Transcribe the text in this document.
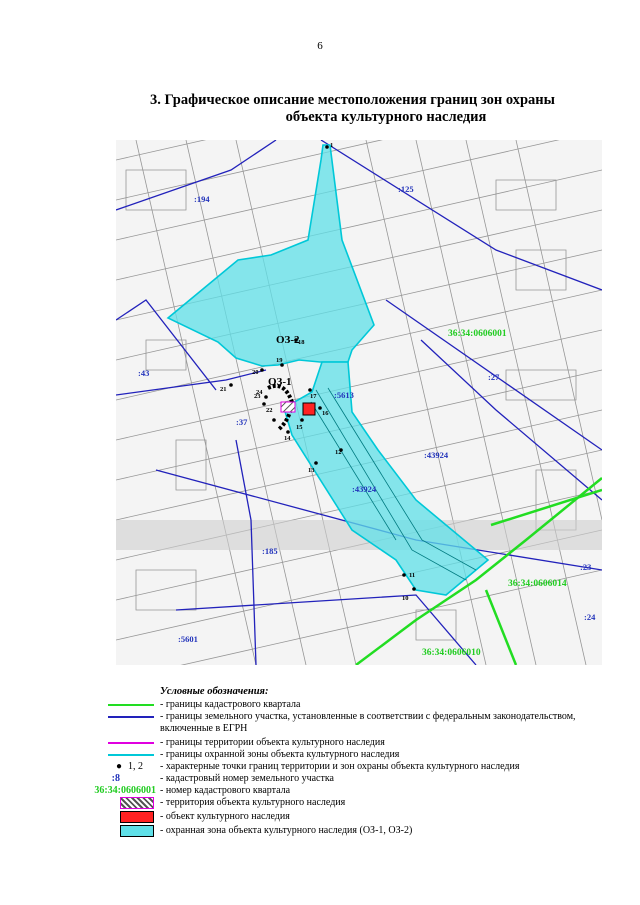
6
3. Графическое описание местоположения границ зон охраны
объекта культурного наследия
1
10
11
12
13
14
15
16
17
18
19
20
21
22
23
24
ОЗ-2
ОЗ-1
:194
:125
:43
:37
:27
:5613
:43924
:43924
:185
:5601
:23
:24
36:34:0606001
36:34:0606014
36:34:0606010
Условные обозначения:
- границы кадастрового квартала
- границы земельного участка, установленные в соответствии с федеральным законодательством, включенные в ЕГРН
- границы территории объекта культурного наследия
- границы охранной зоны объекта культурного наследия
● 1, 2 - характерные точки границ территории и зон охраны объекта культурного наследия
:8	- кадастровый номер земельного участка
36:34:0606001 - номер кадастрового квартала
- территория объекта культурного наследия
- объект культурного наследия
- охранная зона объекта культурного наследия (ОЗ-1, ОЗ-2)
